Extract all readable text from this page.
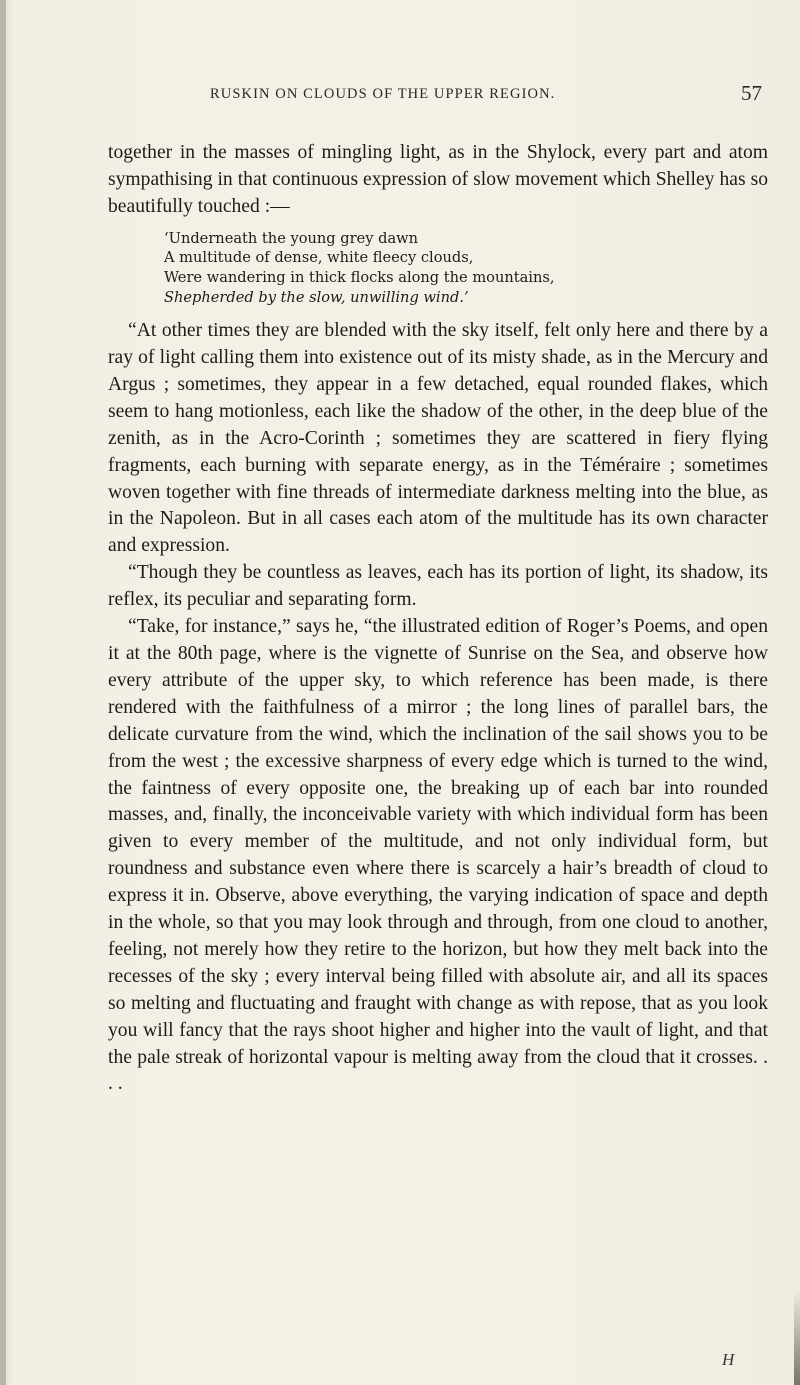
RUSKIN ON CLOUDS OF THE UPPER REGION.	57

together in the masses of mingling light, as in the Shylock, every part and atom sympathising in that continuous expression of slow movement which Shelley has so beautifully touched :—

‘Underneath the young grey dawn
A multitude of dense, white fleecy clouds,
Were wandering in thick flocks along the mountains,
Shepherded by the slow, unwilling wind.’

“At other times they are blended with the sky itself, felt only here and there by a ray of light calling them into existence out of its misty shade, as in the Mercury and Argus ; sometimes, they appear in a few detached, equal rounded flakes, which seem to hang motionless, each like the shadow of the other, in the deep blue of the zenith, as in the Acro-Corinth ; sometimes they are scattered in fiery flying fragments, each burning with separate energy, as in the Téméraire ; sometimes woven together with fine threads of intermediate darkness melting into the blue, as in the Napoleon. But in all cases each atom of the multitude has its own character and expression.

“Though they be countless as leaves, each has its portion of light, its shadow, its reflex, its peculiar and separating form.

“Take, for instance,” says he, “the illustrated edition of Roger’s Poems, and open it at the 80th page, where is the vignette of Sunrise on the Sea, and observe how every attribute of the upper sky, to which reference has been made, is there rendered with the faithfulness of a mirror ; the long lines of parallel bars, the delicate curvature from the wind, which the inclination of the sail shows you to be from the west ; the excessive sharpness of every edge which is turned to the wind, the faintness of every opposite one, the breaking up of each bar into rounded masses, and, finally, the inconceivable variety with which individual form has been given to every member of the multitude, and not only individual form, but roundness and substance even where there is scarcely a hair’s breadth of cloud to express it in. Observe, above everything, the varying indication of space and depth in the whole, so that you may look through and through, from one cloud to another, feeling, not merely how they retire to the horizon, but how they melt back into the recesses of the sky ; every interval being filled with absolute air, and all its spaces so melting and fluctuating and fraught with change as with repose, that as you look you will fancy that the rays shoot higher and higher into the vault of light, and that the pale streak of horizontal vapour is melting away from the cloud that it crosses. . . .

H
